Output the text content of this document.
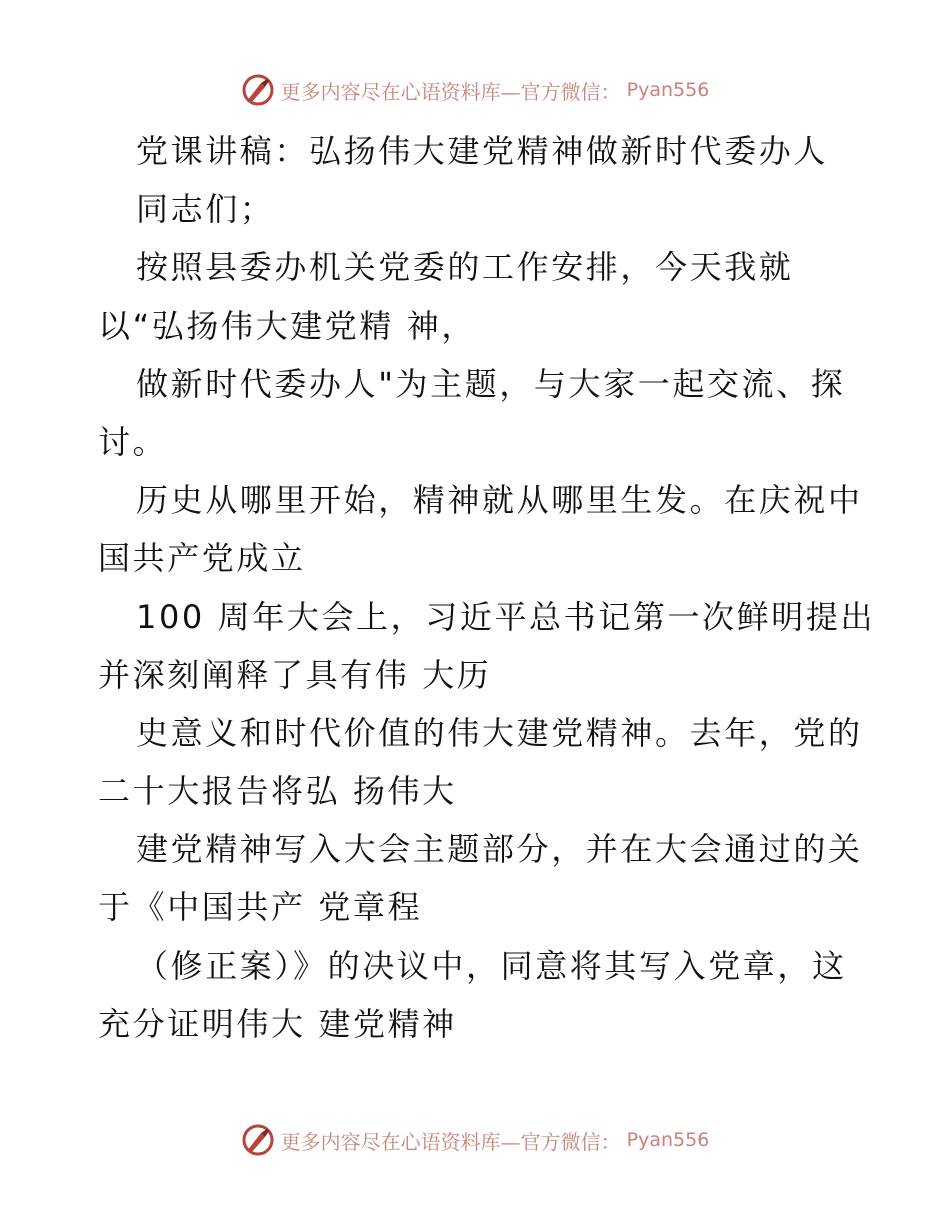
更多内容尽在心语资料库—官方微信： Pyan556
党课讲稿：弘扬伟大建党精神做新时代委办人
同志们；
按照县委办机关党委的工作安排，今天我就
以“弘扬伟大建党精 神，
做新时代委办人"为主题，与大家一起交流、探
讨。
历史从哪里开始，精神就从哪里生发。在庆祝中
国共产党成立
100 周年大会上，习近平总书记第一次鲜明提出
并深刻阐释了具有伟 大历
史意义和时代价值的伟大建党精神。去年，党的
二十大报告将弘 扬伟大
建党精神写入大会主题部分，并在大会通过的关
于《中国共产 党章程
（修正案）》的决议中，同意将其写入党章，这
充分证明伟大 建党精神
更多内容尽在心语资料库—官方微信： Pyan556
